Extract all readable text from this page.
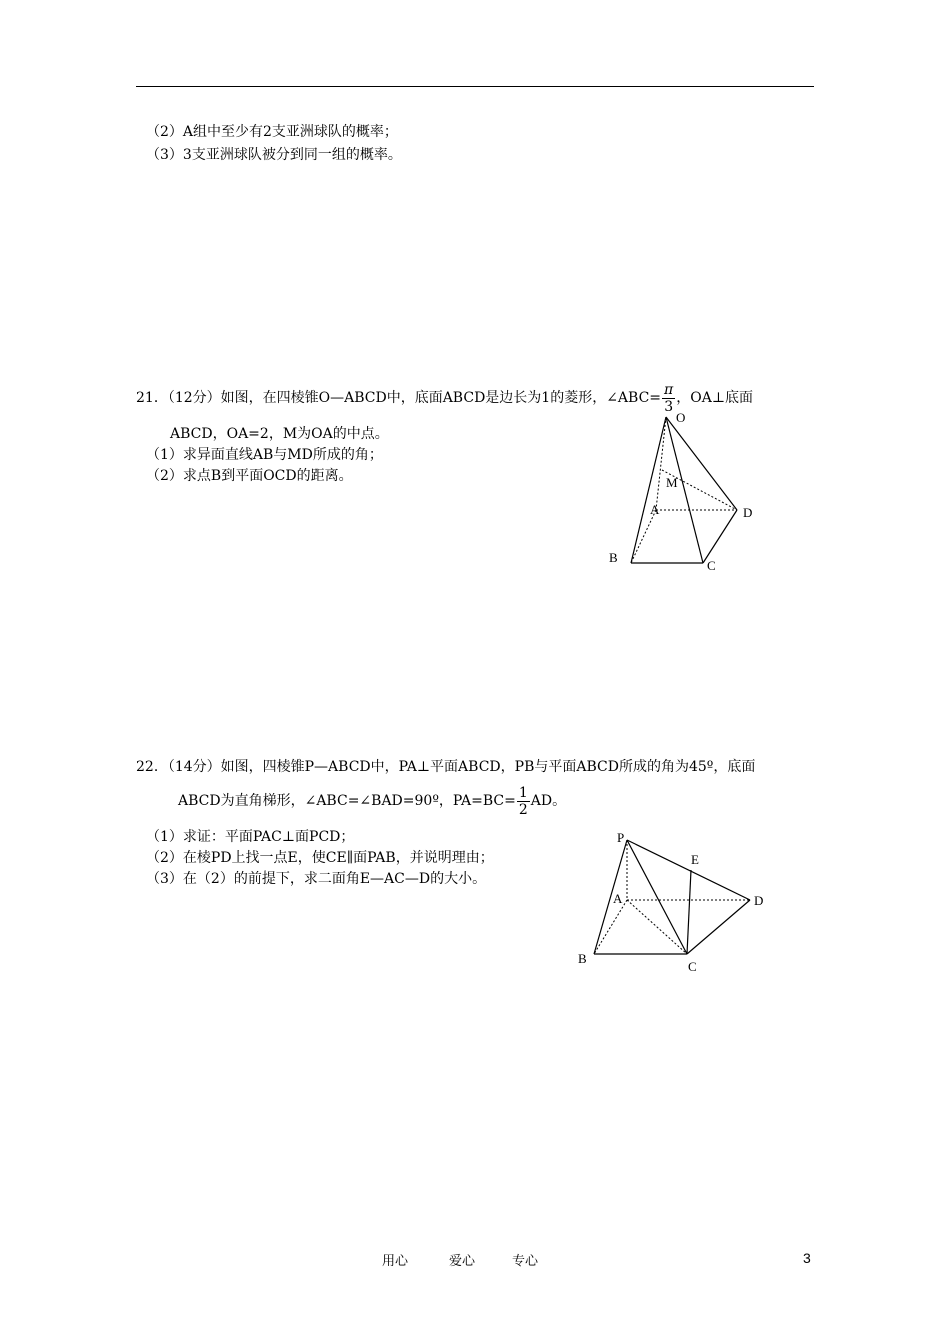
（2）A组中至少有2支亚洲球队的概率；
（3）3支亚洲球队被分到同一组的概率。
21．（12分）如图，在四棱锥O—ABCD中，底面ABCD是边长为1的菱形，∠ABC= $\frac{\pi}{3}$ ，OA⊥底面
ABCD，OA=2，M为OA的中点。
（1）求异面直线AB与MD所成的角；
（2）求点B到平面OCD的距离。
O
M
A
B
C
D
22．（14分）如图，四棱锥P—ABCD中，PA⊥平面ABCD，PB与平面ABCD所成的角为45º，底面
ABCD为直角梯形，∠ABC=∠BAD=90º，$PA=BC= \frac{1}{2}$ AD。
（1）求证：平面PAC⊥面PCD；
（2）在棱PD上找一点E，使CE∥面PAB，并说明理由；
（3）在（2）的前提下，求二面角E—AC—D的大小。
P
E
A
B
C
D
用心	爱心	专心	3
